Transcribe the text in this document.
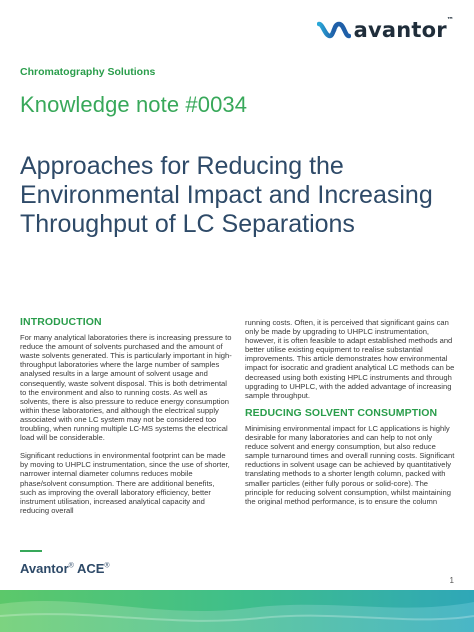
avantor™
Chromatography Solutions
Knowledge note #0034
Approaches for Reducing the Environmental Impact and Increasing Throughput of LC Separations
INTRODUCTION

For many analytical laboratories there is increasing pressure to reduce the amount of solvents purchased and the amount of waste solvents generated. This is particularly important in high-throughput laboratories where the large number of samples analysed results in a large amount of solvent usage and consequently, waste solvent disposal. This is both detrimental to the environment and also to running costs. As well as solvents, there is also pressure to reduce energy consumption within these laboratories, and although the electrical supply associated with one LC system may not be considered too troubling, when running multiple LC-MS systems the electrical load will be considerable.

Significant reductions in environmental footprint can be made by moving to UHPLC instrumentation, since the use of shorter, narrower internal diameter columns reduces mobile phase/solvent consumption. There are additional benefits, such as improving the overall laboratory efficiency, better instrument utilisation, increased analytical capacity and reducing overall

running costs. Often, it is perceived that significant gains can only be made by upgrading to UHPLC instrumentation, however, it is often feasible to adapt established methods and better utilise existing equipment to realise substantial improvements. This article demonstrates how environmental impact for isocratic and gradient analytical LC methods can be decreased using both existing HPLC instruments and through upgrading to UHPLC, with the added advantage of increasing sample throughput.

REDUCING SOLVENT CONSUMPTION

Minimising environmental impact for LC applications is highly desirable for many laboratories and can help to not only reduce solvent and energy consumption, but also reduce sample turnaround times and overall running costs. Significant reductions in solvent usage can be achieved by quantitatively translating methods to a shorter length column, packed with smaller particles (either fully porous or solid-core). The principle for reducing solvent consumption, whilst maintaining the original method performance, is to ensure the column

Avantor® ACE®
1
